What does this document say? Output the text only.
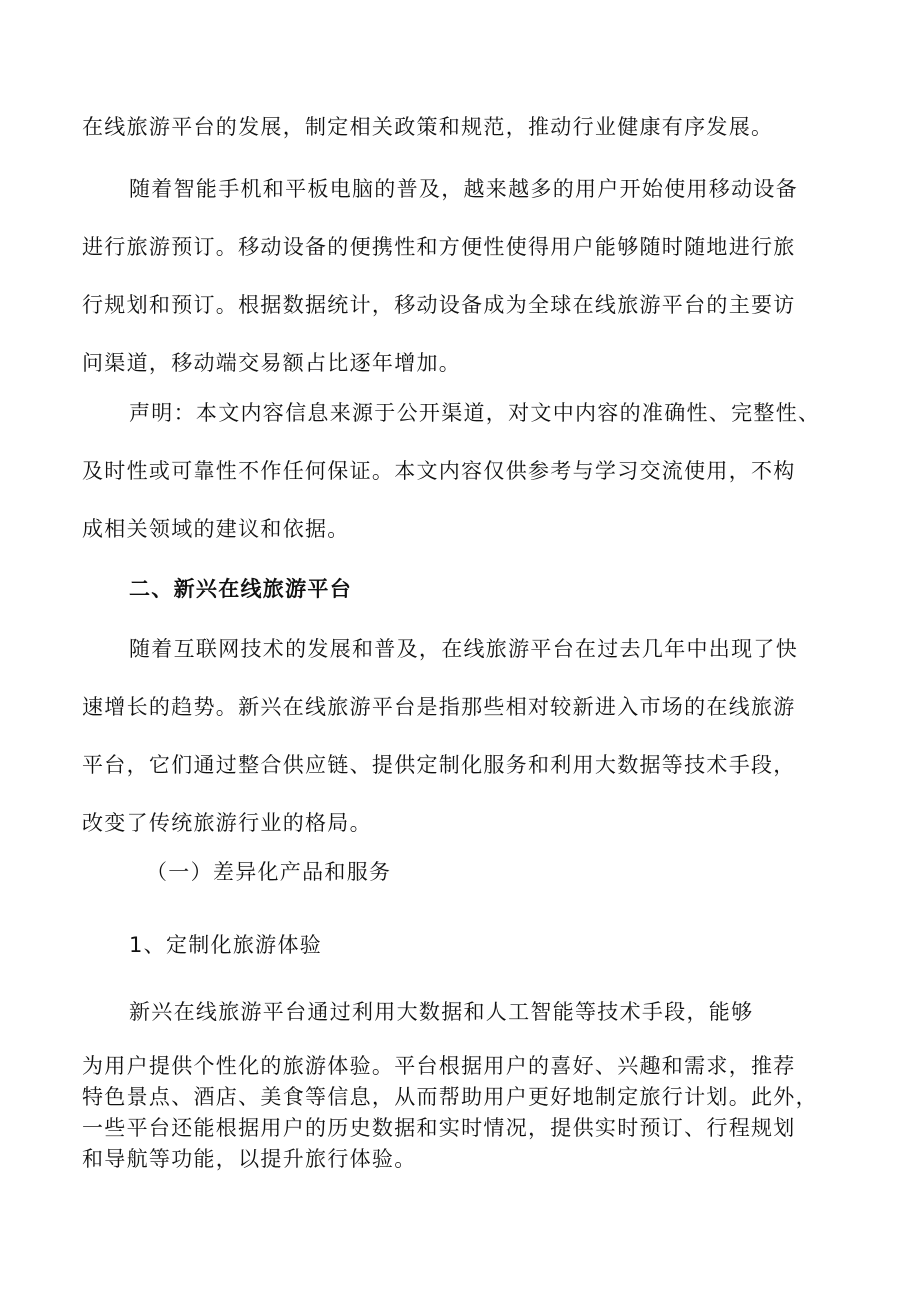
在线旅游平台的发展，制定相关政策和规范，推动行业健康有序发展。
随着智能手机和平板电脑的普及，越来越多的用户开始使用移动设备
进行旅游预订。移动设备的便携性和方便性使得用户能够随时随地进行旅
行规划和预订。根据数据统计，移动设备成为全球在线旅游平台的主要访
问渠道，移动端交易额占比逐年增加。
声明：本文内容信息来源于公开渠道，对文中内容的准确性、完整性、
及时性或可靠性不作任何保证。本文内容仅供参考与学习交流使用，不构
成相关领域的建议和依据。
二、新兴在线旅游平台
随着互联网技术的发展和普及，在线旅游平台在过去几年中出现了快
速增长的趋势。新兴在线旅游平台是指那些相对较新进入市场的在线旅游
平台，它们通过整合供应链、提供定制化服务和利用大数据等技术手段，
改变了传统旅游行业的格局。
（一）差异化产品和服务
1、定制化旅游体验
新兴在线旅游平台通过利用大数据和人工智能等技术手段，能够
为用户提供个性化的旅游体验。平台根据用户的喜好、兴趣和需求，推荐
特色景点、酒店、美食等信息，从而帮助用户更好地制定旅行计划。此外，
一些平台还能根据用户的历史数据和实时情况，提供实时预订、行程规划
和导航等功能，以提升旅行体验。
